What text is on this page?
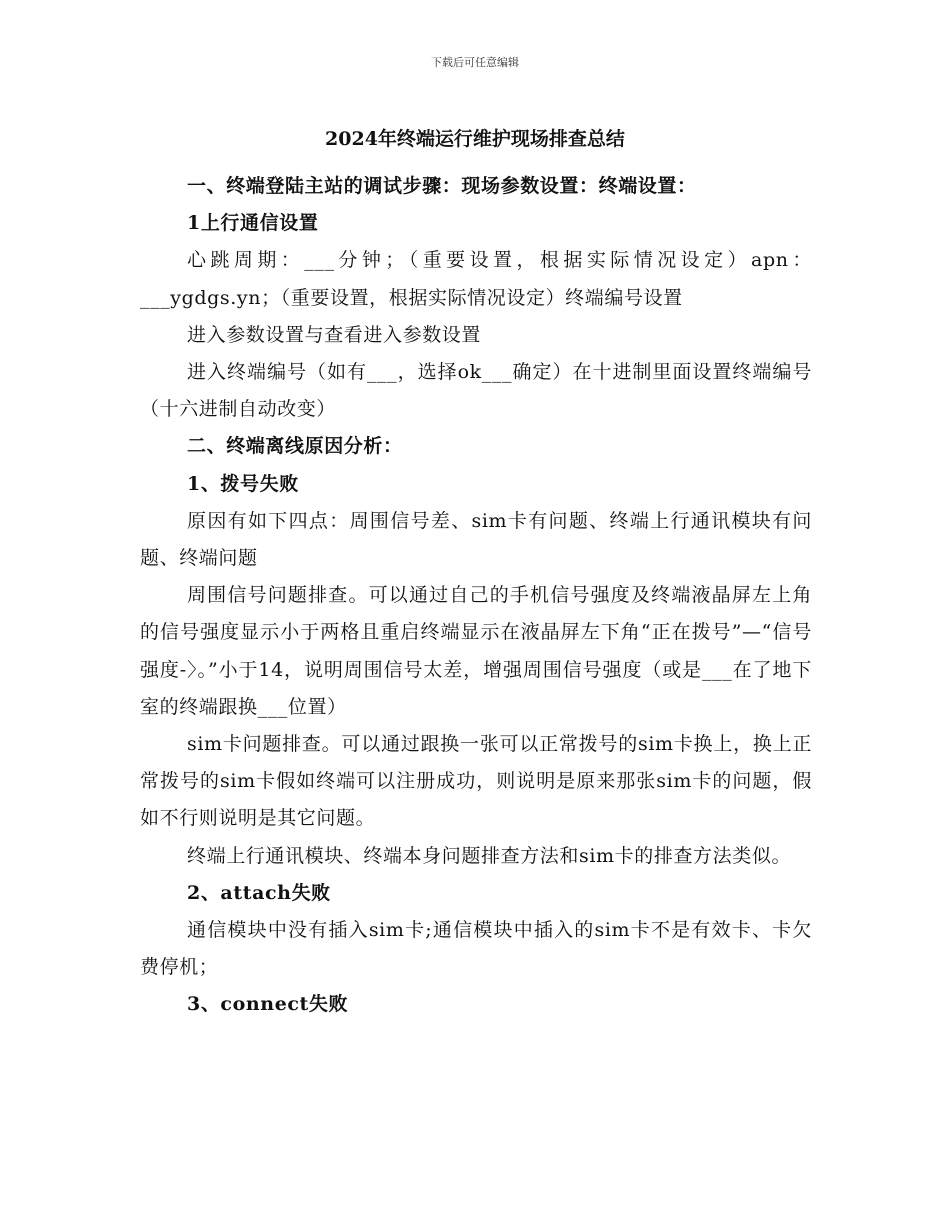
下载后可任意编辑
2024年终端运行维护现场排查总结

一、终端登陆主站的调试步骤：现场参数设置：终端设置：

1上行通信设置

心跳周期：___分钟；（重要设置，根据实际情况设定）apn：___ygdgs.yn；（重要设置，根据实际情况设定）终端编号设置

进入参数设置与查看进入参数设置

进入终端编号（如有___，选择ok___确定）在十进制里面设置终端编号（十六进制自动改变）

二、终端离线原因分析：

1、拨号失败

原因有如下四点：周围信号差、sim卡有问题、终端上行通讯模块有问题、终端问题

周围信号问题排查。可以通过自己的手机信号强度及终端液晶屏左上角的信号强度显示小于两格且重启终端显示在液晶屏左下角“正在拨号”—“信号强度-〉。”小于14，说明周围信号太差，增强周围信号强度（或是___在了地下室的终端跟换___位置）

sim卡问题排查。可以通过跟换一张可以正常拨号的sim卡换上，换上正常拨号的sim卡假如终端可以注册成功，则说明是原来那张sim卡的问题，假如不行则说明是其它问题。

终端上行通讯模块、终端本身问题排查方法和sim卡的排查方法类似。

2、attach失败

通信模块中没有插入sim卡;通信模块中插入的sim卡不是有效卡、卡欠费停机；

3、connect失败
